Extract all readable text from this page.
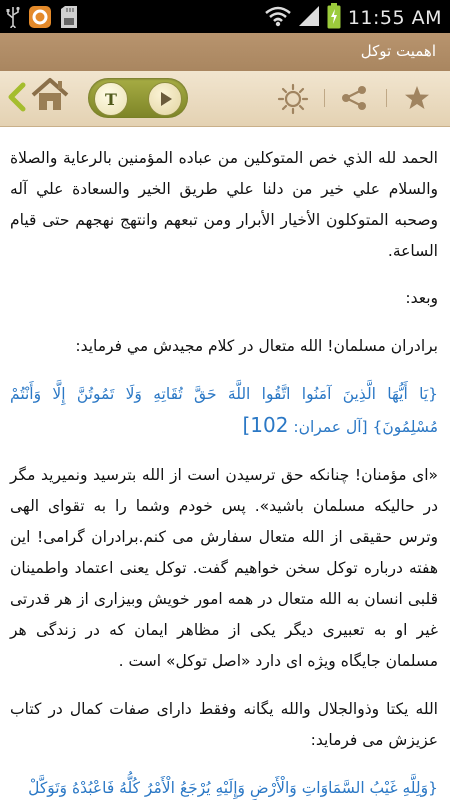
11:55 AM
اهمیت توکل
T

الحمد لله الذي خص المتوكلين من عباده المؤمنين بالرعاية والصلاة والسلام علي خير من دلنا علي طريق الخير والسعادة علي آله وصحبه المتوكلون الأخيار الأبرار ومن تبعهم وانتهج نهجهم حتى قيام الساعة.

وبعد:

برادران مسلمان! الله متعال در کلام مجیدش مي فرماید:

{يَا أَيُّهَا الَّذِينَ آمَنُوا اتَّقُوا اللَّهَ حَقَّ تُقَاتِهِ وَلَا تَمُوتُنَّ إِلَّا وَأَنْتُمْ مُسْلِمُونَ} [آل عمران: 102]

«ای مؤمنان! چنانکه حق ترسیدن است از الله بترسید ونمیرید مگر در حالیکه مسلمان باشید». پس خودم وشما را به تقوای الهی وترس حقیقی از الله متعال سفارش می کنم.برادران گرامی! این هفته درباره توکل سخن خواهیم گفت. توکل یعنی اعتماد واطمینان قلبی انسان به الله متعال در همه امور خویش وبیزاری از هر قدرتی غیر او به تعبیری دیگر یکی از مظاهر ایمان که در زندگی هر مسلمان جایگاه ویژه ای دارد «اصل توکل» است .

الله یکتا وذوالجلال والله یگانه وفقط دارای صفات کمال در کتاب عزیزش می فرماید:

{وَلِلَّهِ غَيْبُ السَّمَاوَاتِ وَالْأَرْضِ وَإِلَيْهِ يُرْجَعُ الْأَمْرُ كُلُّهُ فَاعْبُدْهُ وَتَوَكَّلْ
